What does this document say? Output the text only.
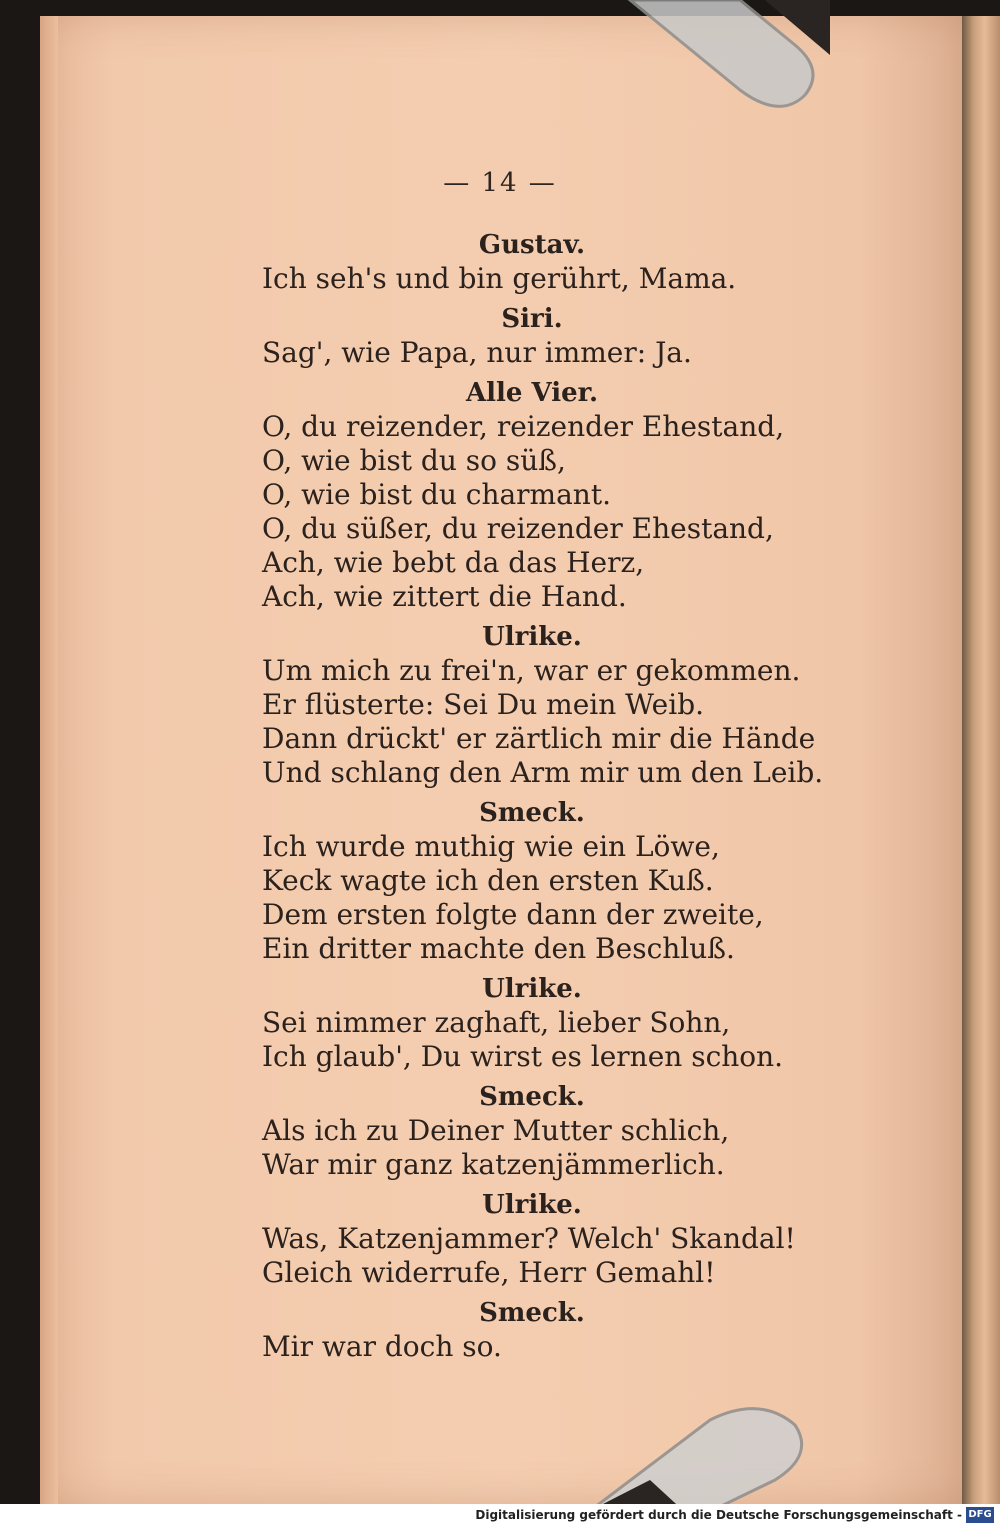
— 14 —
Gustav.
Ich seh's und bin gerührt, Mama.
Siri.
Sag', wie Papa, nur immer: Ja.
Alle Vier.
O, du reizender, reizender Ehestand,
O, wie bist du so süß,
O, wie bist du charmant.
O, du süßer, du reizender Ehestand,
Ach, wie bebt da das Herz,
Ach, wie zittert die Hand.
Ulrike.
Um mich zu frei'n, war er gekommen.
Er flüsterte: Sei Du mein Weib.
Dann drückt' er zärtlich mir die Hände
Und schlang den Arm mir um den Leib.
Smeck.
Ich wurde muthig wie ein Löwe,
Keck wagte ich den ersten Kuß.
Dem ersten folgte dann der zweite,
Ein dritter machte den Beschluß.
Ulrike.
Sei nimmer zaghaft, lieber Sohn,
Ich glaub', Du wirst es lernen schon.
Smeck.
Als ich zu Deiner Mutter schlich,
War mir ganz katzenjämmerlich.
Ulrike.
Was, Katzenjammer? Welch' Skandal!
Gleich widerrufe, Herr Gemahl!
Smeck.
Mir war doch so.
Digitalisierung gefördert durch die Deutsche Forschungsgemeinschaft - DFG
